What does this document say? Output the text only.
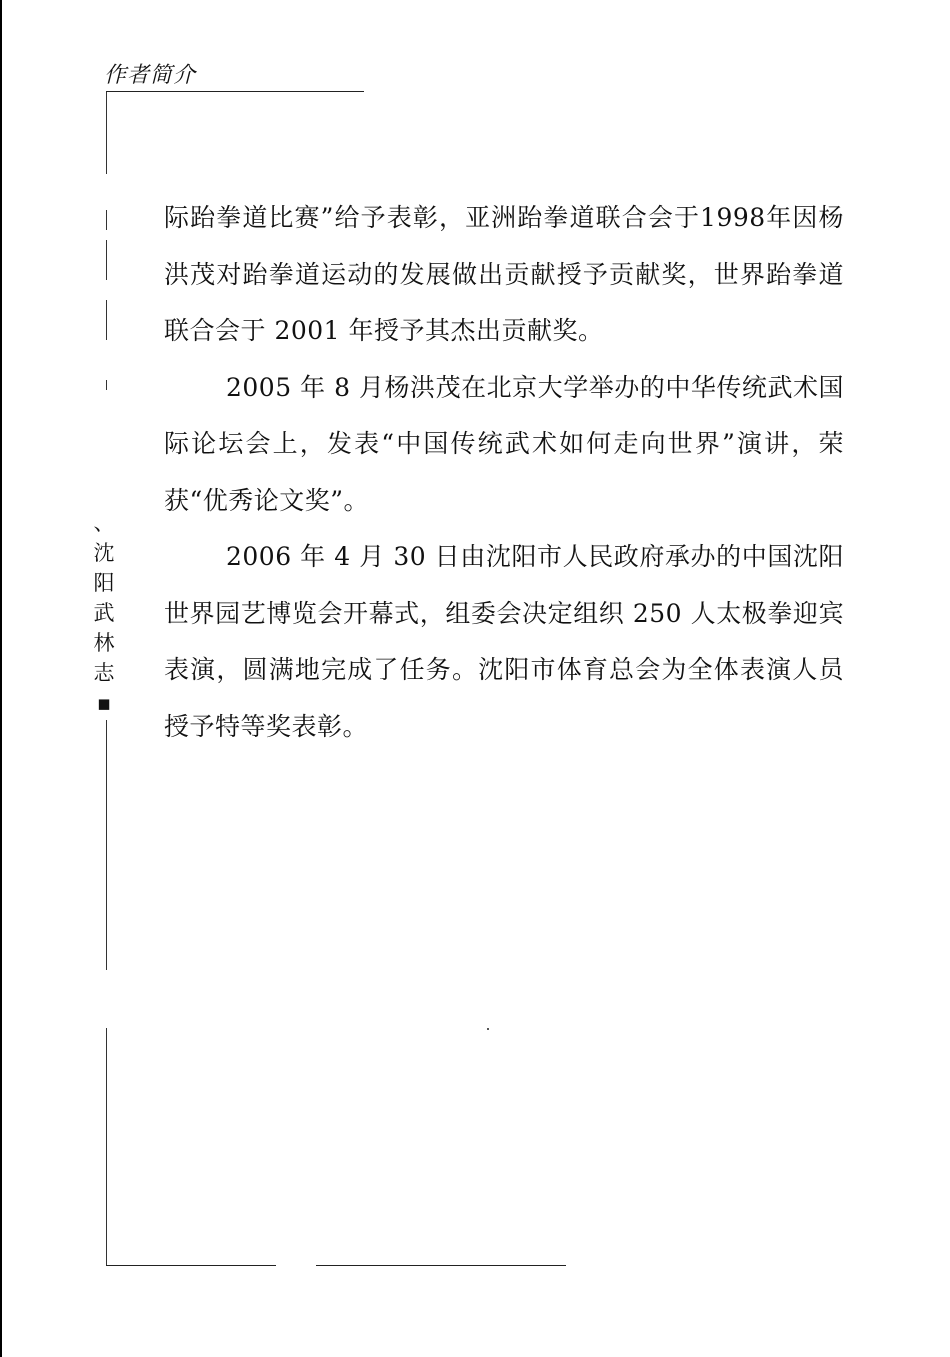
作者简介
、
沈
阳
武
林
志
▪

际跆拳道比赛”给予表彰，亚洲跆拳道联合会于1998年因杨洪茂对跆拳道运动的发展做出贡献授予贡献奖，世界跆拳道联合会于 2001 年授予其杰出贡献奖。

2005 年 8 月杨洪茂在北京大学举办的中华传统武术国际论坛会上，发表“中国传统武术如何走向世界”演讲，荣获“优秀论文奖”。

2006 年 4 月 30 日由沈阳市人民政府承办的中国沈阳世界园艺博览会开幕式，组委会决定组织 250 人太极拳迎宾表演，圆满地完成了任务。沈阳市体育总会为全体表演人员授予特等奖表彰。
